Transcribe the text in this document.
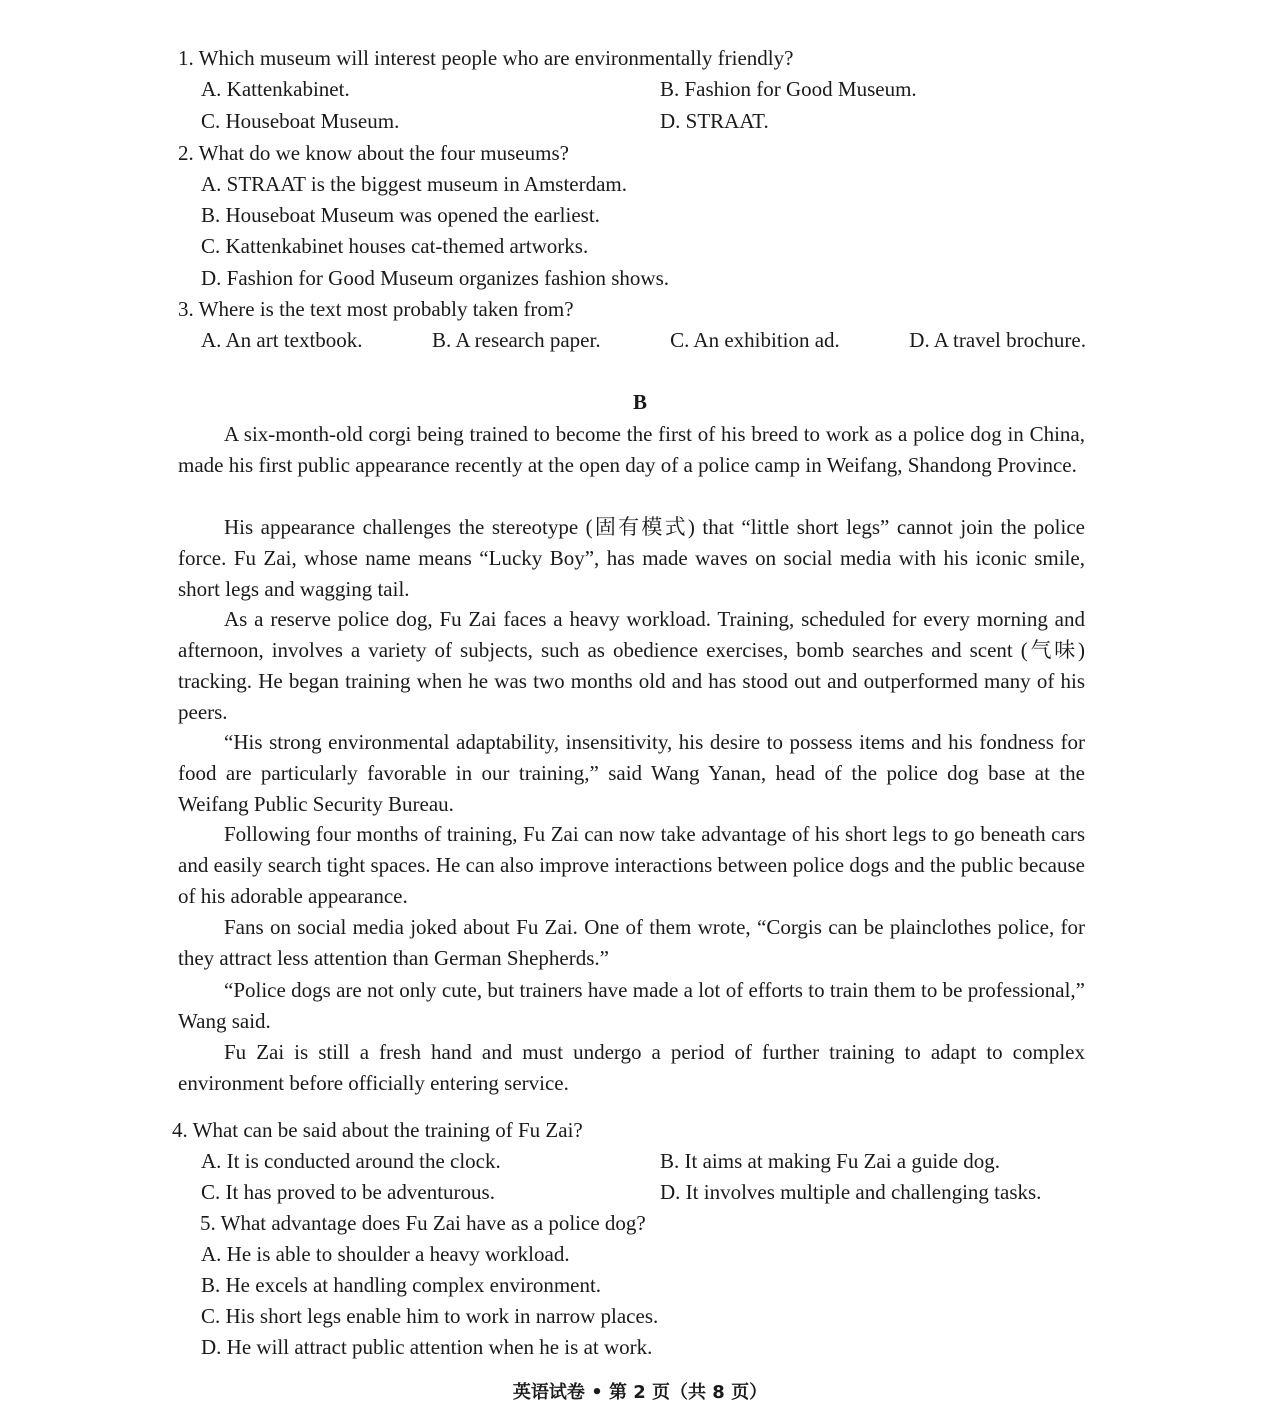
1. Which museum will interest people who are environmentally friendly?
A. Kattenkabinet.	B. Fashion for Good Museum.
C. Houseboat Museum.	D. STRAAT.
2. What do we know about the four museums?
A. STRAAT is the biggest museum in Amsterdam.
B. Houseboat Museum was opened the earliest.
C. Kattenkabinet houses cat-themed artworks.
D. Fashion for Good Museum organizes fashion shows.
3. Where is the text most probably taken from?
A. An art textbook.	B. A research paper.	C. An exhibition ad.	D. A travel brochure.
B
A six-month-old corgi being trained to become the first of his breed to work as a police dog in China, made his first public appearance recently at the open day of a police camp in Weifang, Shandong Province.
His appearance challenges the stereotype (固有模式) that “little short legs” cannot join the police force. Fu Zai, whose name means “Lucky Boy”, has made waves on social media with his iconic smile, short legs and wagging tail.
As a reserve police dog, Fu Zai faces a heavy workload. Training, scheduled for every morning and afternoon, involves a variety of subjects, such as obedience exercises, bomb searches and scent (气味) tracking. He began training when he was two months old and has stood out and outperformed many of his peers.
“His strong environmental adaptability, insensitivity, his desire to possess items and his fondness for food are particularly favorable in our training,” said Wang Yanan, head of the police dog base at the Weifang Public Security Bureau.
Following four months of training, Fu Zai can now take advantage of his short legs to go beneath cars and easily search tight spaces. He can also improve interactions between police dogs and the public because of his adorable appearance.
Fans on social media joked about Fu Zai. One of them wrote, “Corgis can be plainclothes police, for they attract less attention than German Shepherds.”
“Police dogs are not only cute, but trainers have made a lot of efforts to train them to be professional,” Wang said.
Fu Zai is still a fresh hand and must undergo a period of further training to adapt to complex environment before officially entering service.
4. What can be said about the training of Fu Zai?
A. It is conducted around the clock.	B. It aims at making Fu Zai a guide dog.
C. It has proved to be adventurous.	D. It involves multiple and challenging tasks.
5. What advantage does Fu Zai have as a police dog?
A. He is able to shoulder a heavy workload.
B. He excels at handling complex environment.
C. His short legs enable him to work in narrow places.
D. He will attract public attention when he is at work.
英语试卷 • 第 2 页（共 8 页）
